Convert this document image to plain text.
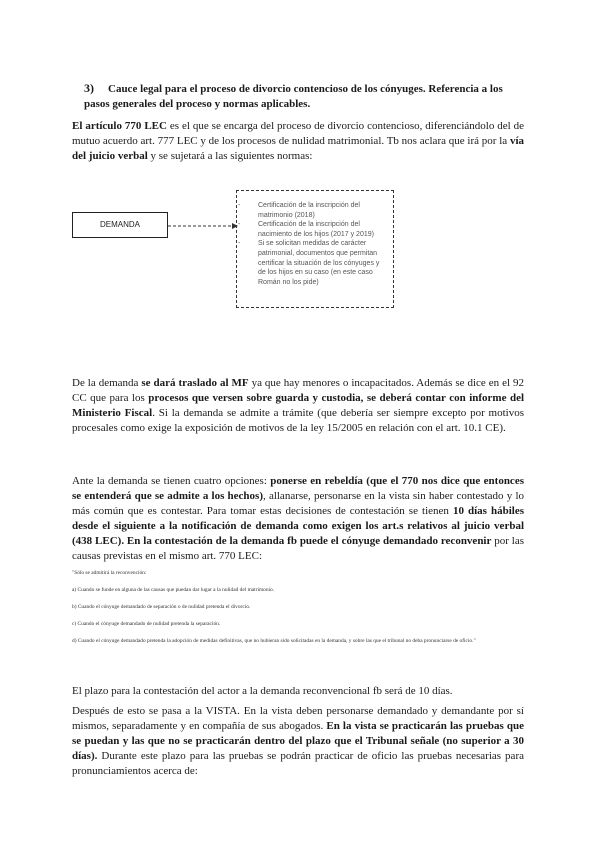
3) Cauce legal para el proceso de divorcio contencioso de los cónyuges. Referencia a los pasos generales del proceso y normas aplicables.
El artículo 770 LEC es el que se encarga del proceso de divorcio contencioso, diferenciándolo del de mutuo acuerdo art. 777 LEC y de los procesos de nulidad matrimonial. Tb nos aclara que irá por la vía del juicio verbal y se sujetará a las siguientes normas:
DEMANDA
-	Certificación de la inscripción del matrimonio (2018)
-	Certificación de la inscripción del nacimiento de los hijos (2017 y 2019)
-	Si se solicitan medidas de carácter patrimonial, documentos que permitan certificar la situación de los cónyuges y de los hijos en su caso (en este caso Román no los pide)
De la demanda se dará traslado al MF ya que hay menores o incapacitados. Además se dice en el 92 CC que para los procesos que versen sobre guarda y custodia, se deberá contar con informe del Ministerio Fiscal. Si la demanda se admite a trámite (que debería ser siempre excepto por motivos procesales como exige la exposición de motivos de la ley 15/2005 en relación con el art. 10.1 CE).
Ante la demanda se tienen cuatro opciones: ponerse en rebeldía (que el 770 nos dice que entonces se entenderá que se admite a los hechos), allanarse, personarse en la vista sin haber contestado y lo más común que es contestar. Para tomar estas decisiones de contestación se tienen 10 días hábiles desde el siguiente a la notificación de demanda como exigen los art.s relativos al juicio verbal (438 LEC). En la contestación de la demanda fb puede el cónyuge demandado reconvenir por las causas previstas en el mismo art. 770 LEC:
"Sólo se admitirá la reconvención:
a) Cuando se funde en alguna de las causas que puedan dar lugar a la nulidad del matrimonio.
b) Cuando el cónyuge demandado de separación o de nulidad pretenda el divorcio.
c) Cuando el cónyuge demandado de nulidad pretenda la separación.
d) Cuando el cónyuge demandado pretenda la adopción de medidas definitivas, que no hubieran sido solicitadas en la demanda, y sobre las que el tribunal no deba pronunciarse de oficio."
El plazo para la contestación del actor a la demanda reconvencional fb será de 10 días.
Después de esto se pasa a la VISTA. En la vista deben personarse demandado y demandante por sí mismos, separadamente y en compañía de sus abogados. En la vista se practicarán las pruebas que se puedan y las que no se practicarán dentro del plazo que el Tribunal señale (no superior a 30 días). Durante este plazo para las pruebas se podrán practicar de oficio las pruebas necesarias para pronunciamientos acerca de:
